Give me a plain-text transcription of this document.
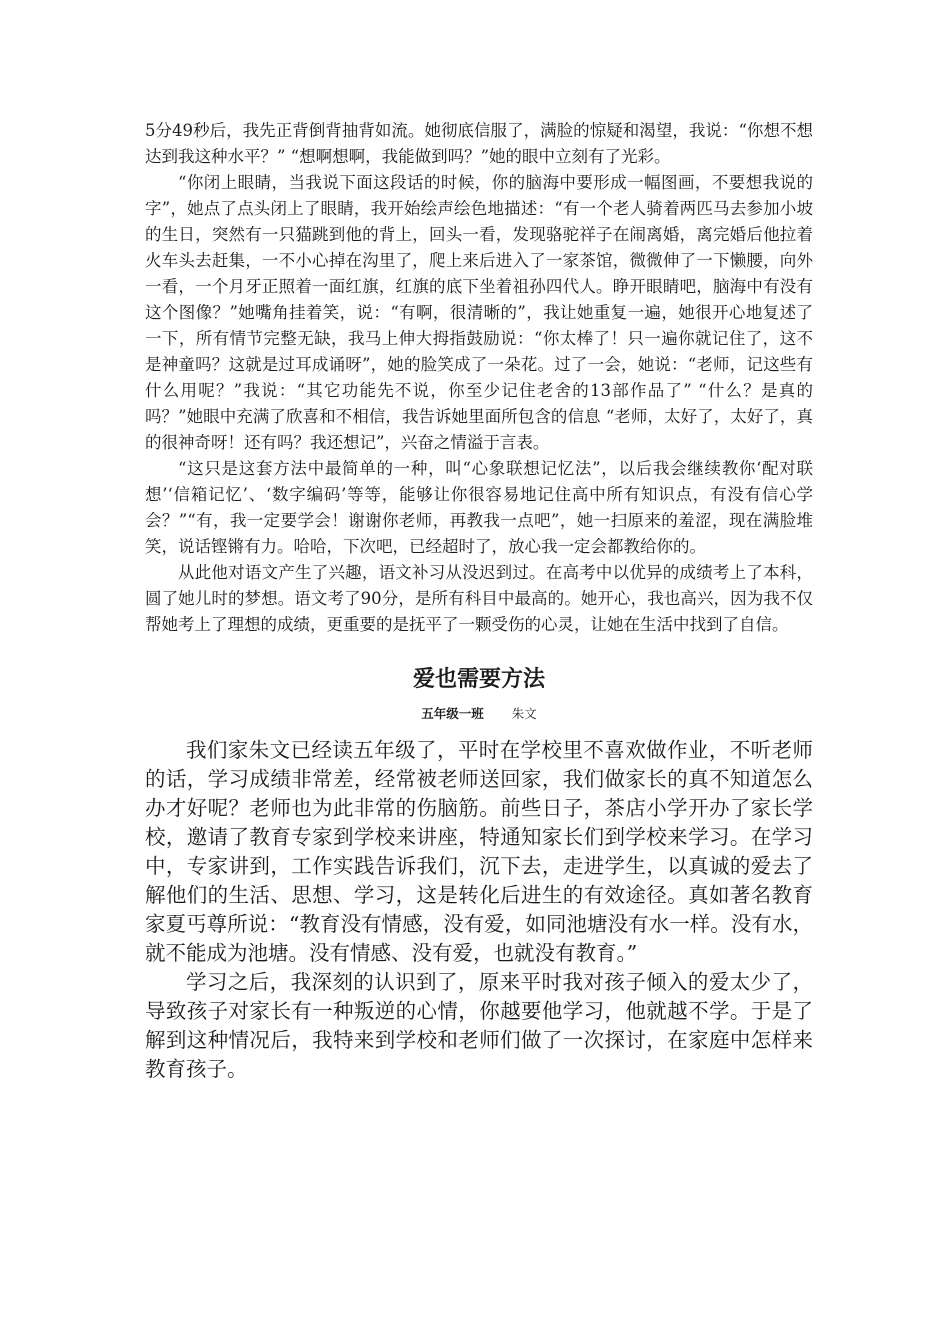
5分49秒后，我先正背倒背抽背如流。她彻底信服了，满脸的惊疑和渴望，我说：“你想不想达到我这种水平？” “想啊想啊，我能做到吗？”她的眼中立刻有了光彩。

“你闭上眼睛，当我说下面这段话的时候，你的脑海中要形成一幅图画，不要想我说的字”，她点了点头闭上了眼睛，我开始绘声绘色地描述：“有一个老人骑着两匹马去参加小坡的生日，突然有一只猫跳到他的背上，回头一看，发现骆驼祥子在闹离婚，离完婚后他拉着火车头去赶集，一不小心掉在沟里了，爬上来后进入了一家茶馆，微微伸了一下懒腰，向外一看，一个月牙正照着一面红旗，红旗的底下坐着祖孙四代人。睁开眼睛吧，脑海中有没有这个图像？”她嘴角挂着笑，说：“有啊，很清晰的”，我让她重复一遍，她很开心地复述了一下，所有情节完整无缺，我马上伸大拇指鼓励说：“你太棒了！只一遍你就记住了，这不是神童吗？这就是过耳成诵呀”，她的脸笑成了一朵花。过了一会，她说：“老师，记这些有什么用呢？”我说：“其它功能先不说，你至少记住老舍的13部作品了” “什么？是真的吗？”她眼中充满了欣喜和不相信，我告诉她里面所包含的信息 “老师，太好了，太好了，真的很神奇呀！还有吗？我还想记”，兴奋之情溢于言表。

“这只是这套方法中最简单的一种，叫“心象联想记忆法”，以后我会继续教你‘配对联想’‘信箱记忆’、‘数字编码’等等，能够让你很容易地记住高中所有知识点，有没有信心学会？”“有，我一定要学会！谢谢你老师，再教我一点吧”，她一扫原来的羞涩，现在满脸堆笑，说话铿锵有力。哈哈，下次吧，已经超时了，放心我一定会都教给你的。

从此他对语文产生了兴趣，语文补习从没迟到过。在高考中以优异的成绩考上了本科，圆了她儿时的梦想。语文考了90分，是所有科目中最高的。她开心，我也高兴，因为我不仅帮她考上了理想的成绩，更重要的是抚平了一颗受伤的心灵，让她在生活中找到了自信。

爱也需要方法
五年级一班 朱文

我们家朱文已经读五年级了，平时在学校里不喜欢做作业，不听老师的话，学习成绩非常差，经常被老师送回家，我们做家长的真不知道怎么办才好呢？老师也为此非常的伤脑筋。前些日子，茶店小学开办了家长学校，邀请了教育专家到学校来讲座，特通知家长们到学校来学习。在学习中，专家讲到，工作实践告诉我们，沉下去，走进学生，以真诚的爱去了解他们的生活、思想、学习，这是转化后进生的有效途径。真如著名教育家夏丐尊所说：“教育没有情感，没有爱，如同池塘没有水一样。没有水，就不能成为池塘。没有情感、没有爱，也就没有教育。”

学习之后，我深刻的认识到了，原来平时我对孩子倾入的爱太少了，导致孩子对家长有一种叛逆的心情，你越要他学习，他就越不学。于是了解到这种情况后，我特来到学校和老师们做了一次探讨，在家庭中怎样来教育孩子。
